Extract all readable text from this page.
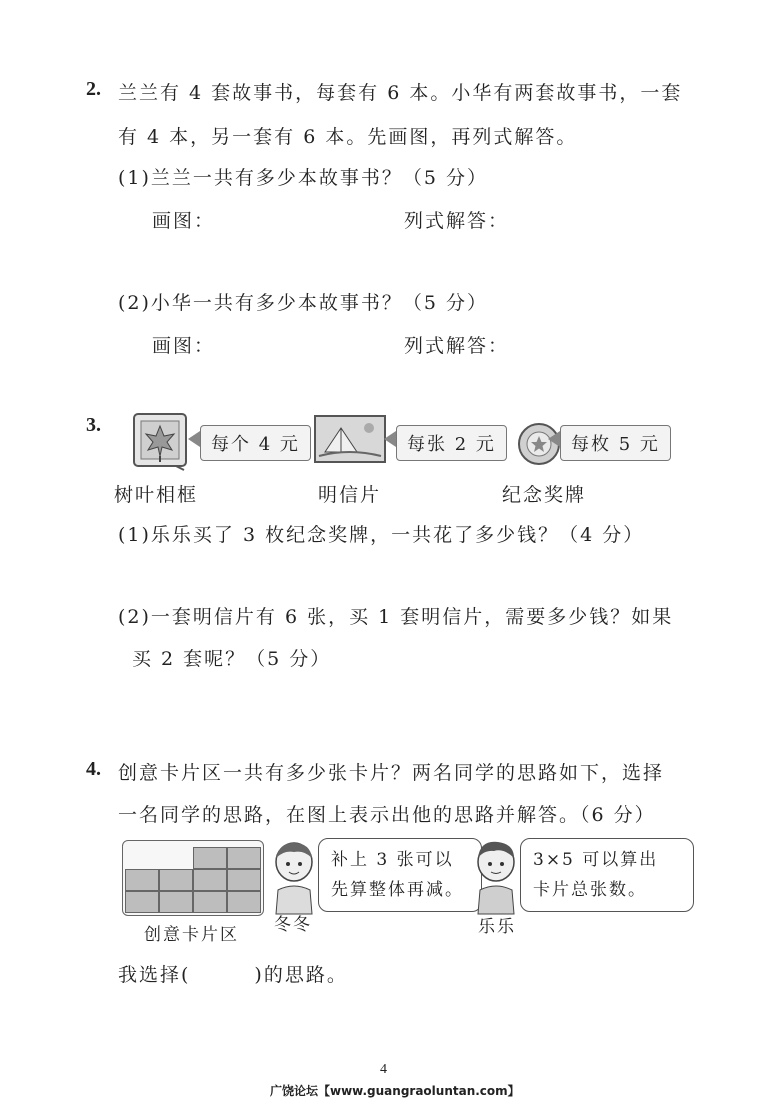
2. 兰兰有 4 套故事书，每套有 6 本。小华有两套故事书，一套
有 4 本，另一套有 6 本。先画图，再列式解答。
(1)兰兰一共有多少本故事书？（5 分）
画图：	列式解答：
(2)小华一共有多少本故事书？（5 分）
画图：	列式解答：
3.
每个 4 元
树叶相框
每张 2 元
明信片
每枚 5 元
纪念奖牌
(1)乐乐买了 3 枚纪念奖牌，一共花了多少钱？（4 分）
(2)一套明信片有 6 张，买 1 套明信片，需要多少钱？如果
买 2 套呢？（5 分）
4. 创意卡片区一共有多少张卡片？两名同学的思路如下，选择
一名同学的思路，在图上表示出他的思路并解答。（6 分）
创意卡片区 冬冬
补上 3 张可以
先算整体再减。
乐乐
3×5 可以算出
卡片总张数。
我选择(	)的思路。
4
广饶论坛【www.guangraoluntan.com】
